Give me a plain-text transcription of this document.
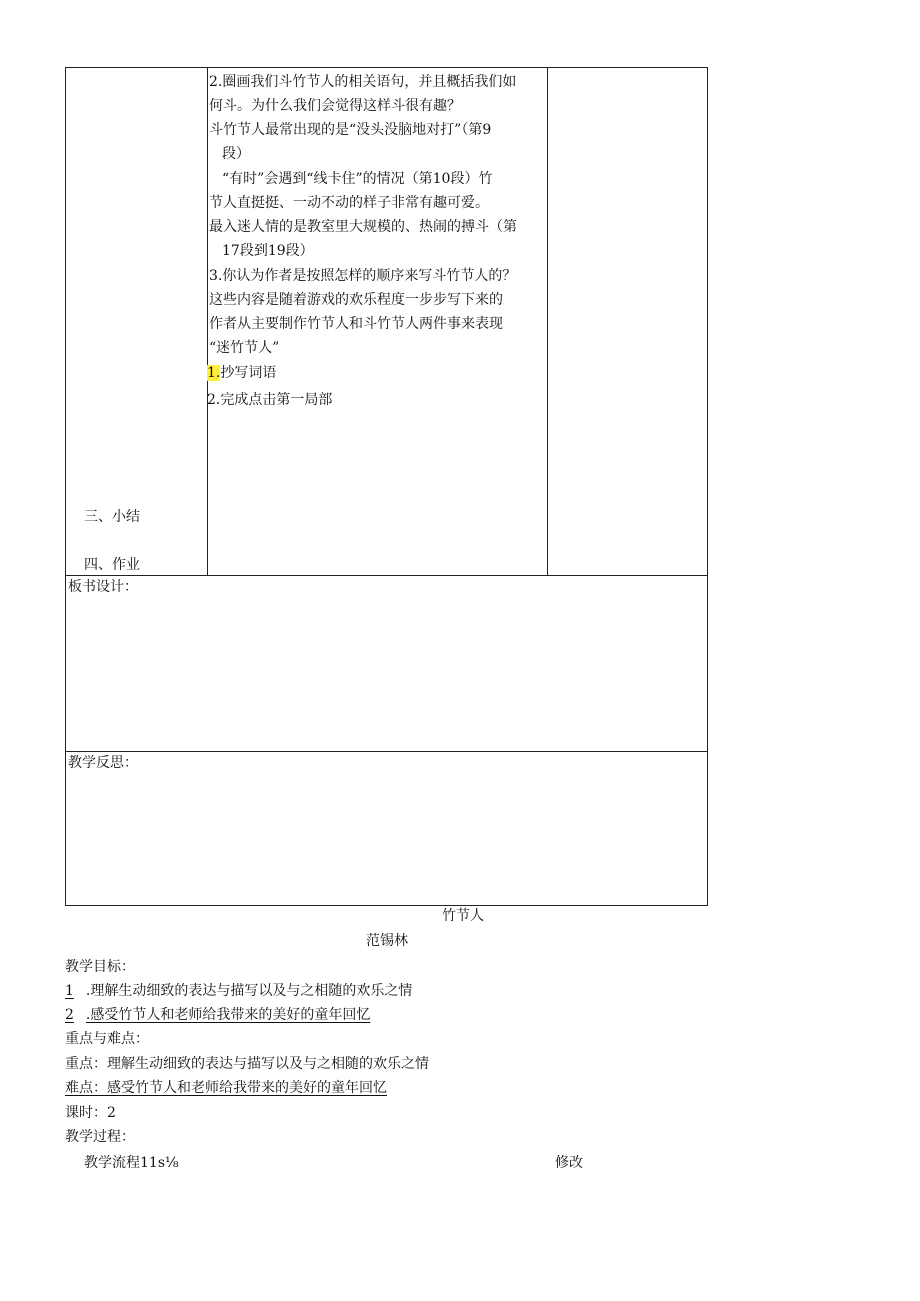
三、小结
四、作业
2.圈画我们斗竹节人的相关语句，并且概括我们如
何斗。为什么我们会觉得这样斗很有趣？
斗竹节人最常出现的是“没头没脑地对打”（第9
段）
“有时”会遇到“线卡住”的情况（第10段）竹
节人直挺挺、一动不动的样子非常有趣可爱。
最入迷人情的是教室里大规模的、热闹的搏斗（第
17段到19段）
3.你认为作者是按照怎样的顺序来写斗竹节人的？
这些内容是随着游戏的欢乐程度一步步写下来的
作者从主要制作竹节人和斗竹节人两件事来表现
“迷竹节人”
1.抄写词语
2.完成点击第一局部
板书设计：
教学反思：
竹节人
范锡林
教学目标：
1 .理解生动细致的表达与描写以及与之相随的欢乐之情
2 .感受竹节人和老师给我带来的美好的童年回忆
重点与难点：
重点：理解生动细致的表达与描写以及与之相随的欢乐之情
难点：感受竹节人和老师给我带来的美好的童年回忆
课时：2
教学过程：
教学流程11s⅛	修改
